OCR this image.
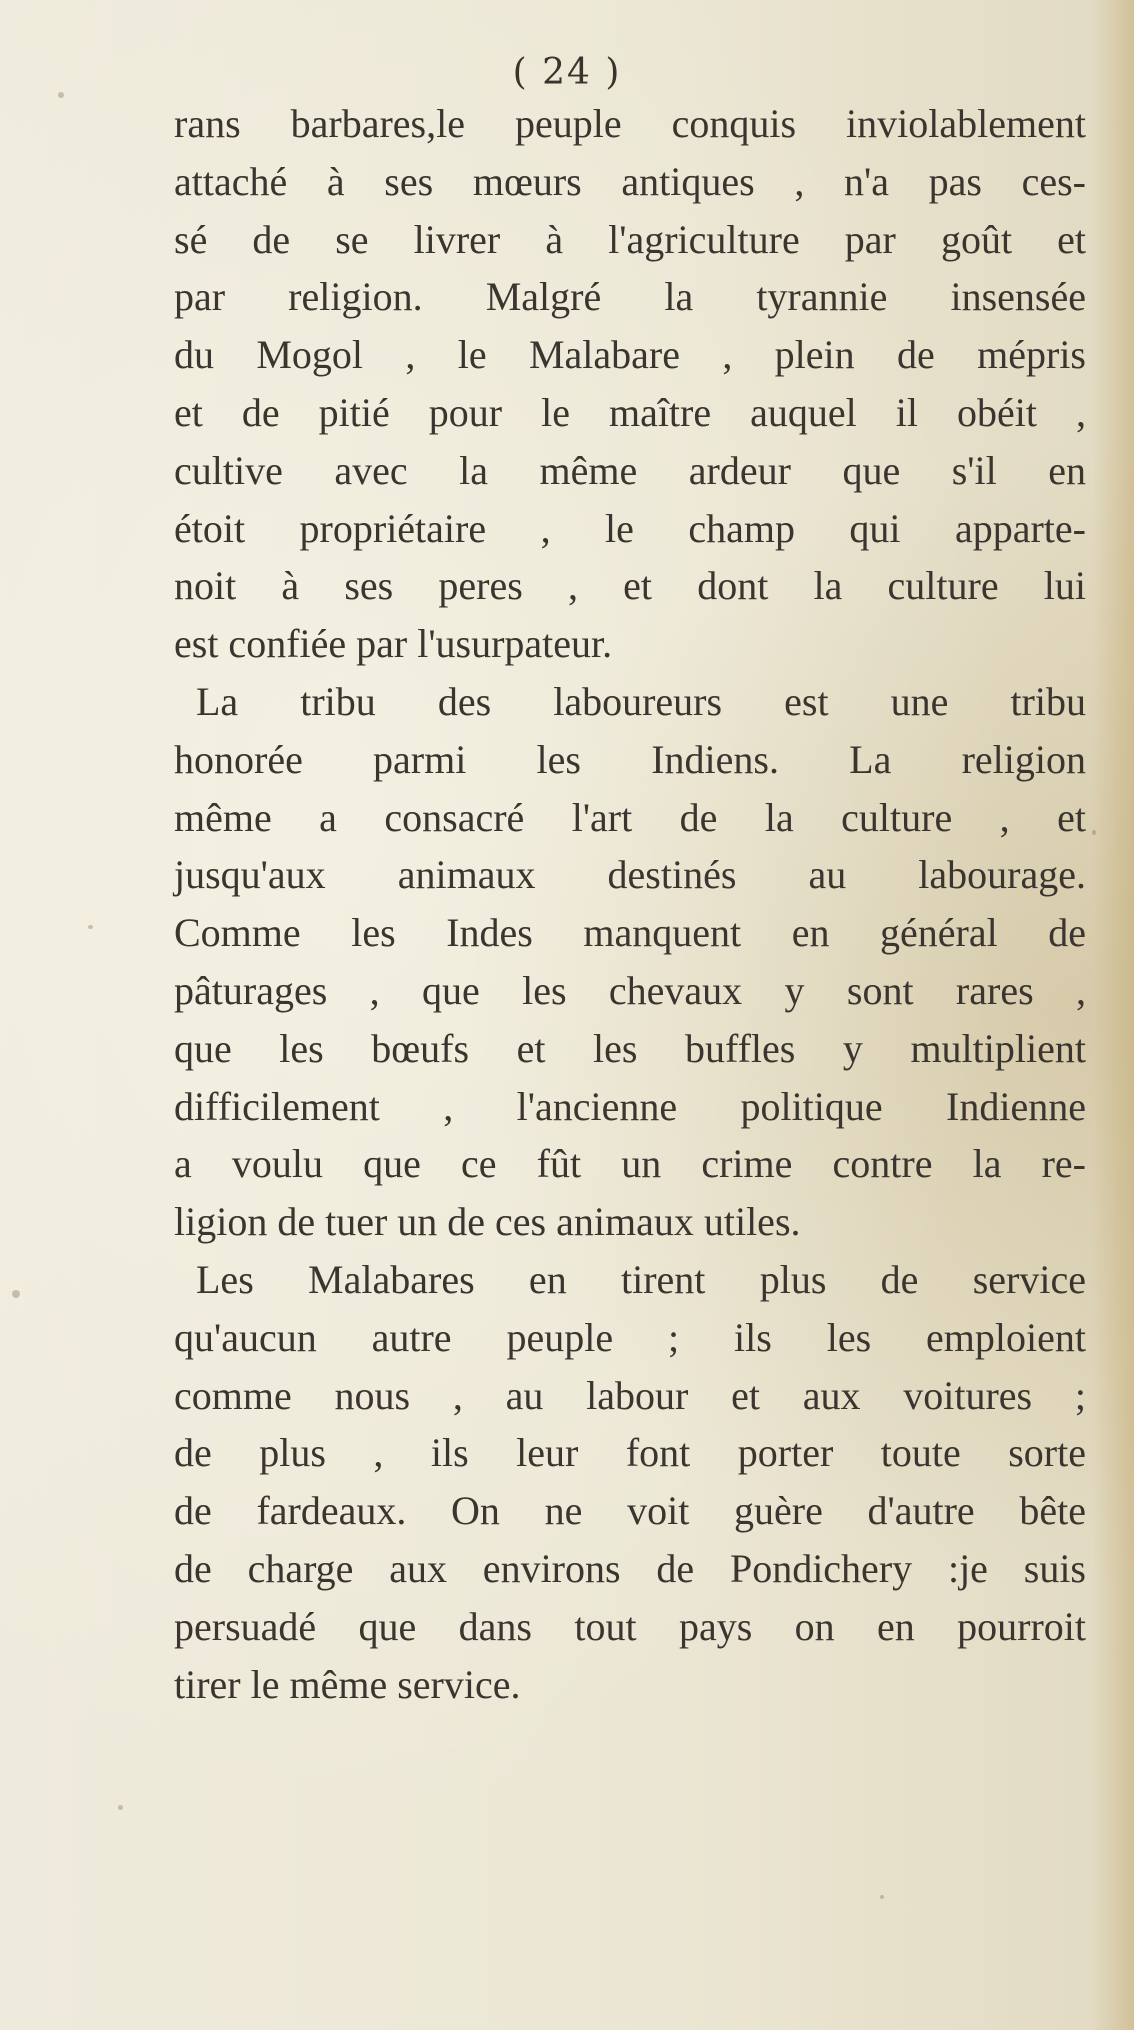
( 24 )
rans barbares,le peuple conquis inviolablement
attaché à ses mœurs antiques , n'a pas ces-
sé de se livrer à l'agriculture par goût et
par religion. Malgré la tyrannie insensée
du Mogol , le Malabare , plein de mépris
et de pitié pour le maître auquel il obéit ,
cultive avec la même ardeur que s'il en
étoit propriétaire , le champ qui apparte-
noit à ses peres , et dont la culture lui
est confiée par l'usurpateur.
La tribu des laboureurs est une tribu
honorée parmi les Indiens. La religion
même a consacré l'art de la culture , et
jusqu'aux animaux destinés au labourage.
Comme les Indes manquent en général de
pâturages , que les chevaux y sont rares ,
que les bœufs et les buffles y multiplient
difficilement , l'ancienne politique Indienne
a voulu que ce fût un crime contre la re-
ligion de tuer un de ces animaux utiles.
Les Malabares en tirent plus de service
qu'aucun autre peuple ; ils les emploient
comme nous , au labour et aux voitures ;
de plus , ils leur font porter toute sorte
de fardeaux. On ne voit guère d'autre bête
de charge aux environs de Pondichery :je suis
persuadé que dans tout pays on en pourroit
tirer le même service.
